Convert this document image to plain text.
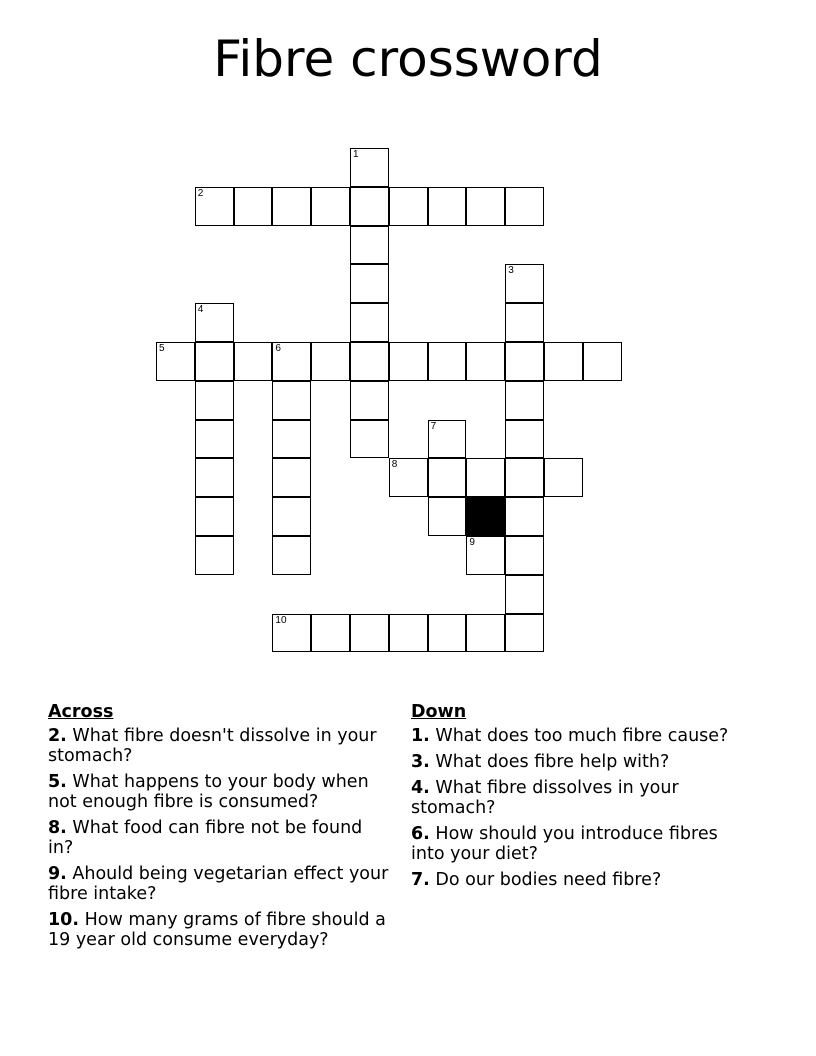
Fibre crossword
1
2
3
4
5	6
7
8
9
10
Across
2. What fibre doesn't dissolve in your stomach?
5. What happens to your body when not enough fibre is consumed?
8. What food can fibre not be found in?
9. Ahould being vegetarian effect your fibre intake?
10. How many grams of fibre should a 19 year old consume everyday?
Down
1. What does too much fibre cause?
3. What does fibre help with?
4. What fibre dissolves in your stomach?
6. How should you introduce fibres into your diet?
7. Do our bodies need fibre?
